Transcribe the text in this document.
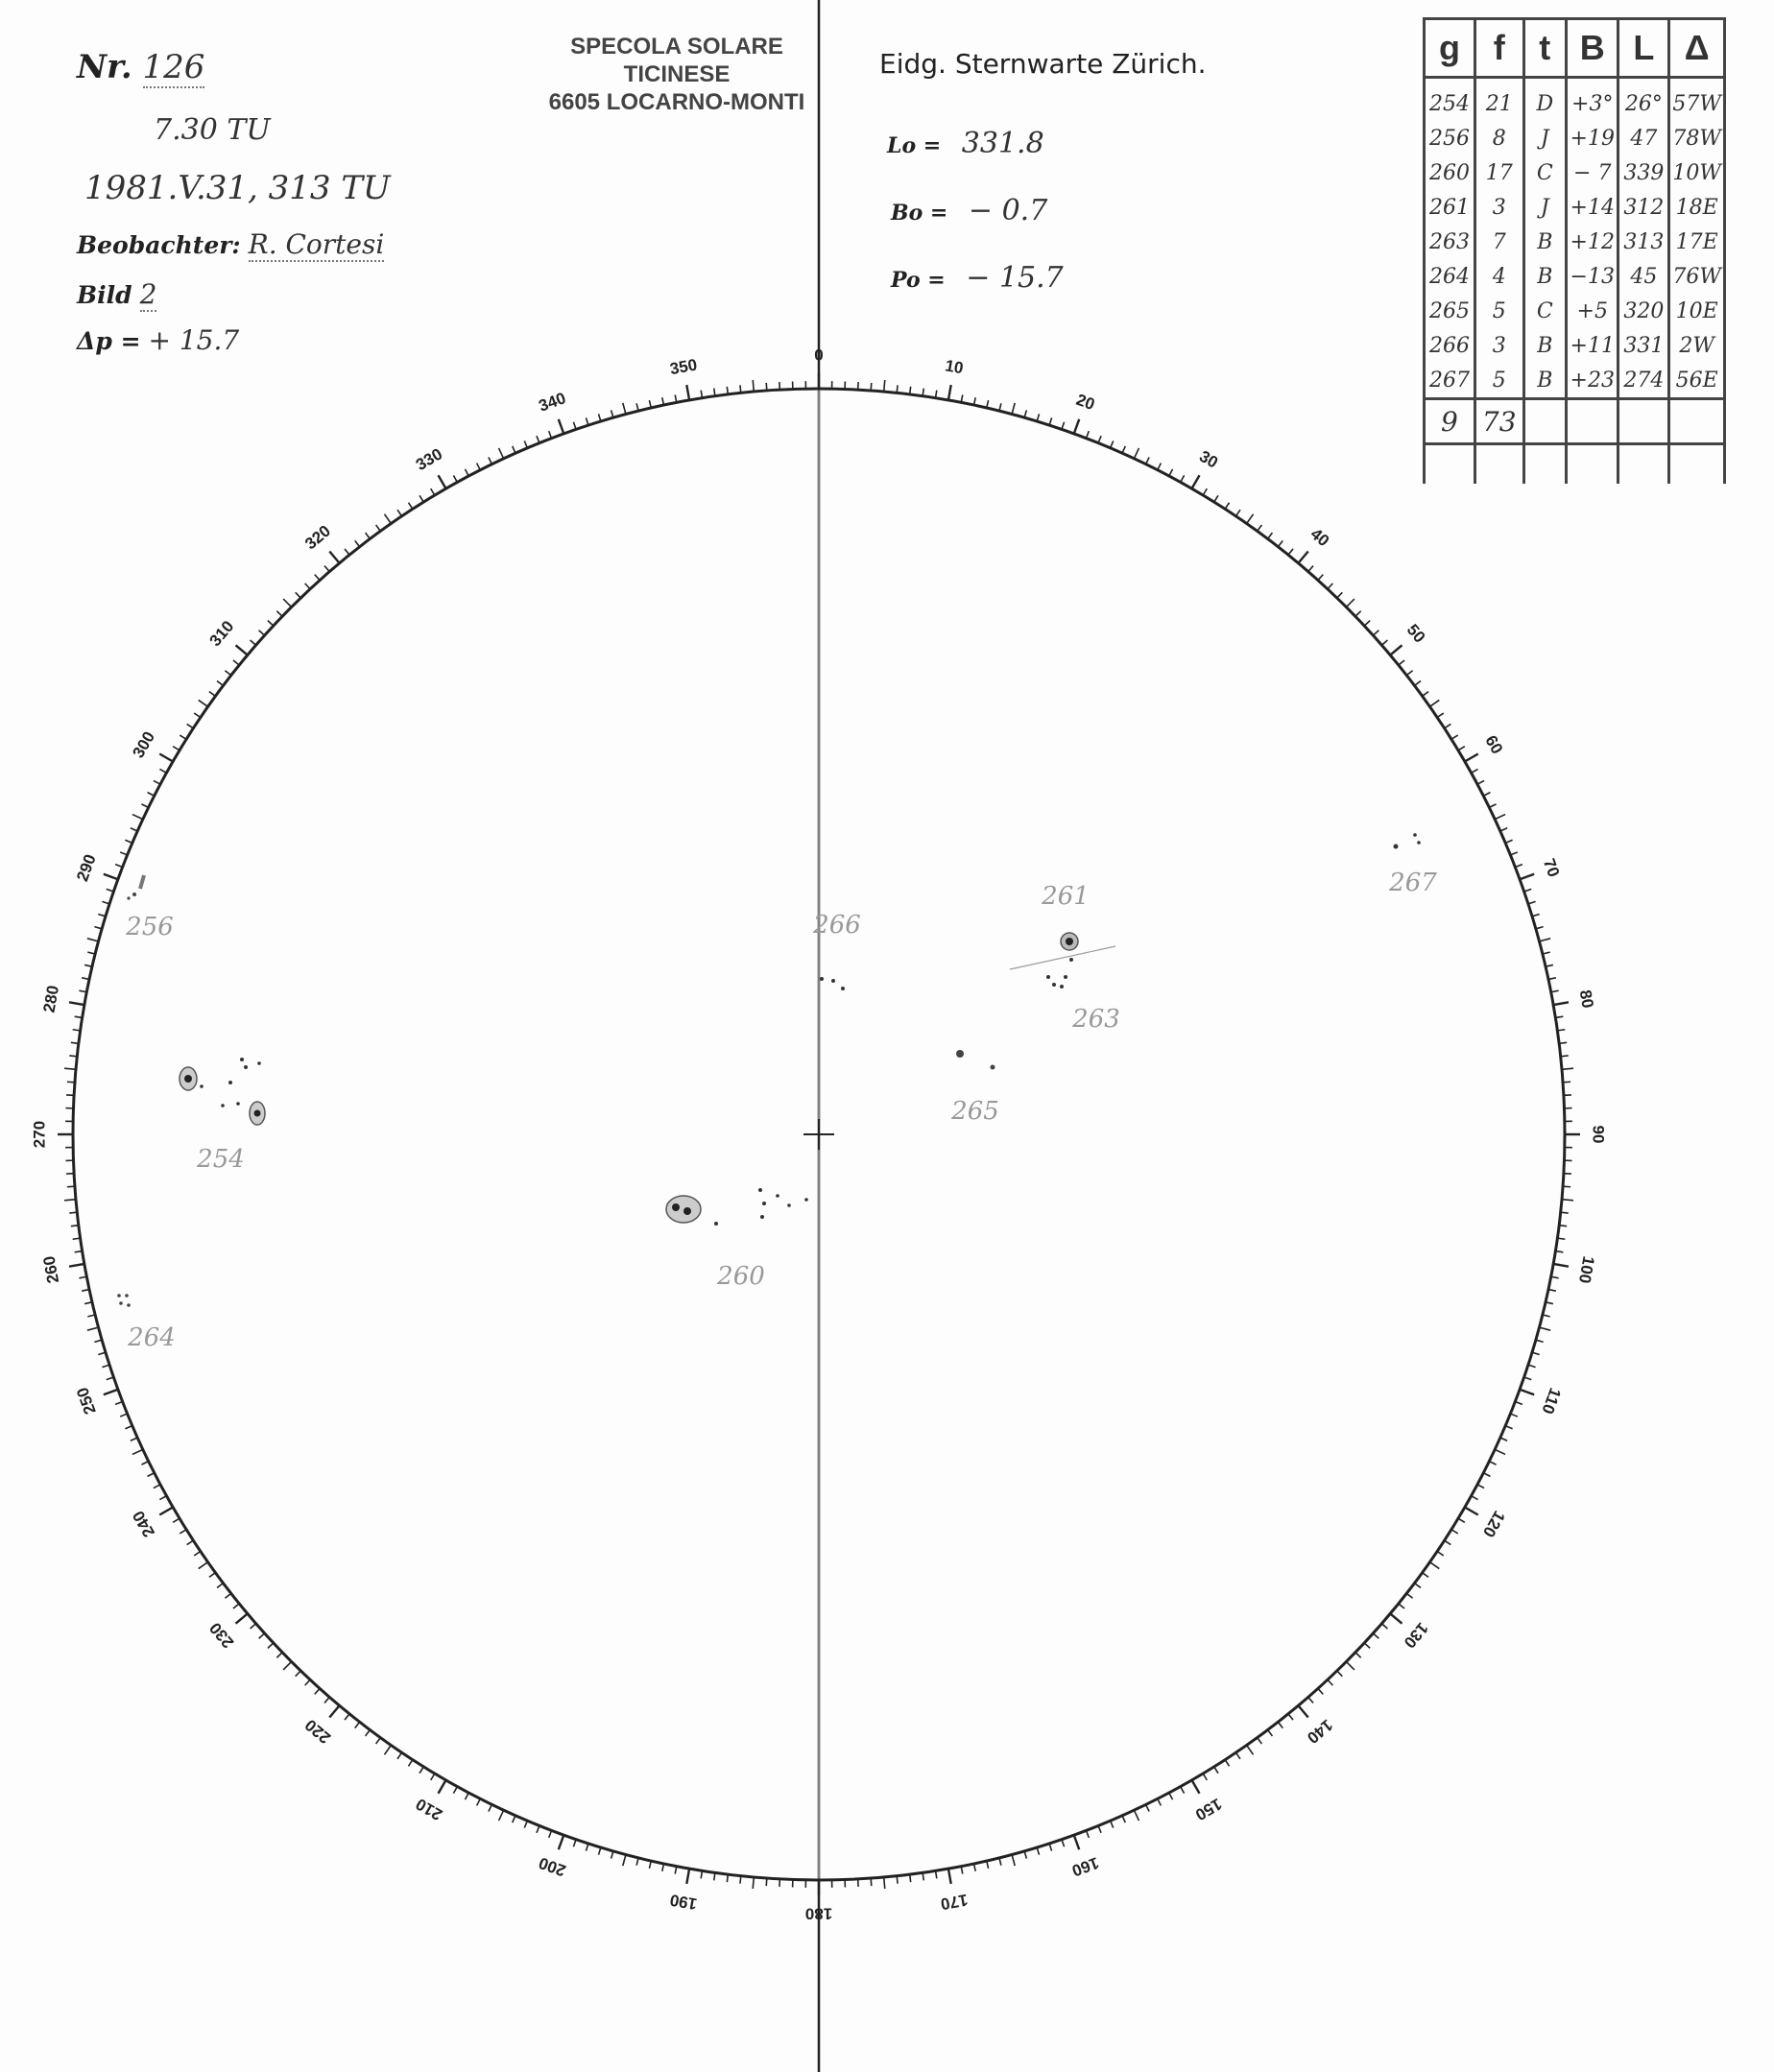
0
10
20
30
40
50
60
70
80
90
100
110
120
130
140
150
160
170
180
190
200
210
220
230
240
250
260
270
280
290
300
310
320
330
340
350
254
256
260
261
263
264
265
266
267
Nr. 126
7.30 TU
1981.V.31, 313 TU
Beobachter: R. Cortesi
Bild 2
Δp = + 15.7
SPECOLA SOLARE
TICINESE
6605 LOCARNO-MONTI
Eidg. Sternwarte Zürich.
Lo = 331.8
Bo = − 0.7
Po = − 15.7
g	f	t	B	L	Δ
254	21	D	+3°	26°	57W
256	8	J	+19	47	78W
260	17	C	− 7	339	10W
261	3	J	+14	312	18E
263	7	B	+12	313	17E
264	4	B	−13	45	76W
265	5	C	+5	320	10E
266	3	B	+11	331	2W
267	5	B	+23	274	56E
9	73				
